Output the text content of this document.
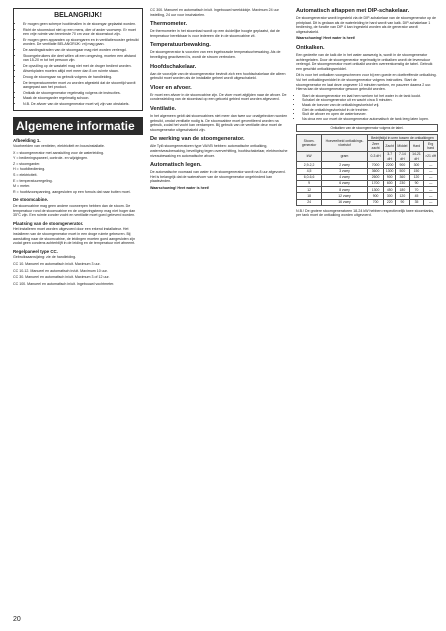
BELANGRIJK!
• Er mogen geen scherpe hoofdmallen in de stoomgar geplaatst worden.
• Richt de stoomstoot niet op een mens, dier of ander voorwerp. Er moet een vrije ruimte van tenminste 70 cm voor de stoomstoot zijn.
• Er mogen geen apparaten op stoomgaren en in ventilatierooster gebruikt worden. De ventilatie BELANGRIJK: vrij mag gaan.
• De aardingsdraden van de stoomgaar mag niet worden verlengd.
• Stoomgebruikers die deel willen uit een omgeving, moeten een afstand van 15-20 m tot het persoon zijn.
• De opvulling op de wastafel mag niet met de droger bedient worden.
• Afwerkplaten moeten altijd met meer dan 8 cm ruimte staan.
• Droog de stoomgaar na gebruik volgens de handleiding.
• De temperatuurmeter moet zo worden afgesteld dat de stoomtijd wordt aangepast aan het product.
• Ontkalk de stoomgenerator regelmatig volgens de instructies.
• Maak de stoomgarder regelmatig schoon.
• N.B. De afvoer van de stoomgenerator moet vrij zijn van obstakels.
Algemene informatie
Afbeelding 1.

Voorbeelden van ventielen, elektriciteit en bouwinstallatie.

X = stoomgenerator met aansluiting voor de waterleiding.

Y = bedieningspaneel, controle- en wijzigingen.

Z = stoomgarder.

H = hoofdbediening.

S = elektriciteit.

E = temperatuurregeling.

M = meter.

R = hoofdvoorspanning, aangesloten op een fornuis dat naar buiten moet.

De stoomcabine.

De stoomcabine mag geen andere voorwerpen hebben dan de stoom. De temperatuur rond de stoomcabine en de omgevingstemp mag niet hoger dan 35°C zijn. Een ruimte zonder vocht en ventilatie moet goed geleverd worden.

Plaatsing van de stoomgenerator.

Het installeren moet worden uitgevoerd door een erkend installateur. Het installeren van de stoomgenerator moet in een droge ruimte gebeuren. Bij aansluiting naar de stoomcabine, de leidingen moeten goed aangesloten zijn zodat geen condens achterblijft in de leiding en de temperatuur niet afneemt.

Regelpaneel type CC.

Gebruiksaanwijzing: zie de handleiding.

CC 10. Manueel en automatisch in/uit. Maximum 3 uur.

CC 10-12. Manueel en automatisch in/uit. Maximum 10 uur.

CC 30. Manueel en automatisch in/uit. Maximum 3 of 12 uur.

CC 100. Manueel en automatisch in/uit. Ingebouwd vochtmeter.

CC 300. Manueel en automatisch in/uit. Ingebouwd weekklokje. Maximum 24 uur instelling, 24 uur voor inschakelen.

Thermometer.

De thermometer in het stoombad wordt op een duidelijke hoogte geplaatst, dat de temperatuur bereikbaar is voor iedereen die in de stoomcabine zit.

Temperatuurbewaking.

De stoomgenerator is voorzien van een ingebouwde temperatuurbewaking. Als de beveiliging geactiveerd is, wordt de stroom verbroken.

Hoofdschakelaar.

Aan de voorzijde van de stoomgenerator bevindt zich een hoofdschakelaar die alleen gebruikt moet worden als de installatie geheel wordt uitgeschakeld.

Vloer en afvoer.

Er moet een afvoer in de stoomcabine zijn. De vloer moet afglijden naar de afvoer. De condensleiding van de stoombad op een gekoeld gebied moet worden afgevoerd.

Ventilatie.

In het algemeen geldt dat stoomcabines niet meer dan twee uur onafgebroken worden gebruikt, omdat ventilatie nodig is. De stoomcabine moet geventileerd worden na gebruik, zodat het vocht kan verdampen. Bij gebruik van de ventilatie deur moet de stoomgenerator uitgeschakeld zijn.

De werking van de stoomgenerator.

Alle Tylö stoomgeneratoren type VA/VB hebben: automatische ontkalking, waterniveaubewaking, beveiliging tegen oververhitting, hoofdschakelaar, elektronische niveaubewaking en automatische afvoer.

Automatisch legen.

De automatische voorraad van water in de stoomgenerator wordt na 8 uur afgevoerd. Het is belangrijk dat de waterafvoer van de stoomgenerator ongehinderd kan plaatsvinden.

Waarschuwing! Heet water is heet!

Automatisch aftappen met DIP-schakelaar.

De stoomgenerator wordt ingesteld via de DIP-schakelaar van de stoomgenerator op de printplaat. Dit is gedaan als de waterleiding te hard wordt van kalk. DIP-schakelaar 1 bediening, de functie van DIP 4 kan ingesteld worden als de generator wordt uitgeschakeld.

Waarschuwing! Heet water is heet!

Ontkalken.

Een gedeelte van de kalk die in het water aanwezig is, wordt in de stoomgenerator achtergelaten. Door de stoomgenerator regelmatig te ontkalken wordt de levensduur verlengd. De stoomgenerator moet ontkalkt worden overeenkomstig de tabel. Gebruik een geschikt ontkalkingsmiddel.

Dit is voor het ontkalken voorgeschreven voor bij een goede en doeltreffende ontkalking. Vul het ontkalkingsmiddel in de stoomgenerator volgens instructies. Start de stoomgenerator en laat deze ongeveer 10 minuten werken, en pauzeer daarna 2 uur. Hierna kan de stoomgenerator gewoon gebruikt worden.

• Start de stoomgenerator en laat hem werken tot het water in de tank kookt.
• Schakel de stoomgenerator uit en wacht circa 5 minuten.
• Maak de toevoer van de ontkalkingsvloeistof vrij.
• Giet de ontkalkingsvloeistof in de trechter.
• Sluit de afvoer en open de watertoevoer.
• Na circa een uur moet de stoomgenerator automatisch de tank leeg laten lopen.
Ontkalken van de stoomgenerator volgens de tabel.
Stoom-generator	Hoeveelheid ontkalkings-vloeistof	Bedrijfstijd in uren tussen de ontkalkingen				
		Zeer zacht	Zacht	Middel	Hard	Erg hard
kW	gram	0-3 dH	3-7 dH	7-14 dH	14-21 dH	>21 dH
2,9-2,2	2 zwey	7000	2200	900	300	—
4,5	3 zwey	3600	1300	500	150	—
6,0-6,6	4 zwey	2600	900	360	120	—
9	6 zwey	1700	600	230	90	—
12	8 zwey	1300	450	180	70	—
18	12 zwey	900	300	120	45	—
24	16 zwey	700	220	90	35	—

N.B.! De grotere stoomgeneratoren 18-24 kW hebben respectievelijk twee stoomtanks, per tank moet de ontkalking worden uitgevoerd.

20
